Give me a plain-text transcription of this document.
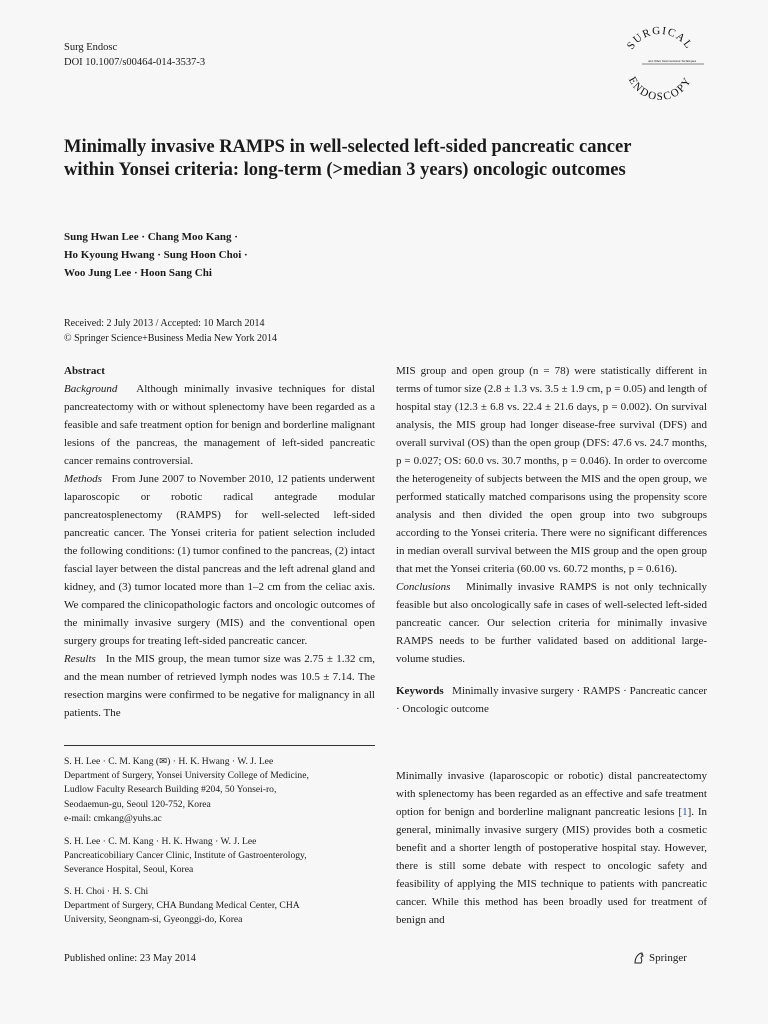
Surg Endosc
DOI 10.1007/s00464-014-3537-3
SURGICAL
ENDOSCOPY
and Other Interventional Techniques
Minimally invasive RAMPS in well-selected left-sided pancreatic cancer within Yonsei criteria: long-term (>median 3 years) oncologic outcomes
Sung Hwan Lee · Chang Moo Kang ·
Ho Kyoung Hwang · Sung Hoon Choi ·
Woo Jung Lee · Hoon Sang Chi
Received: 2 July 2013 / Accepted: 10 March 2014
© Springer Science+Business Media New York 2014

Abstract

Background Although minimally invasive techniques for distal pancreatectomy with or without splenectomy have been regarded as a feasible and safe treatment option for benign and borderline malignant lesions of the pancreas, the management of left-sided pancreatic cancer remains controversial.

Methods From June 2007 to November 2010, 12 patients underwent laparoscopic or robotic radical antegrade modular pancreatosplenectomy (RAMPS) for well-selected left-sided pancreatic cancer. The Yonsei criteria for patient selection included the following conditions: (1) tumor confined to the pancreas, (2) intact fascial layer between the distal pancreas and the left adrenal gland and kidney, and (3) tumor located more than 1–2 cm from the celiac axis. We compared the clinicopathologic factors and oncologic outcomes of the minimally invasive surgery (MIS) and the conventional open surgery groups for treating left-sided pancreatic cancer.

Results In the MIS group, the mean tumor size was 2.75 ± 1.32 cm, and the mean number of retrieved lymph nodes was 10.5 ± 7.14. The resection margins were confirmed to be negative for malignancy in all patients. The

MIS group and open group (n = 78) were statistically different in terms of tumor size (2.8 ± 1.3 vs. 3.5 ± 1.9 cm, p = 0.05) and length of hospital stay (12.3 ± 6.8 vs. 22.4 ± 21.6 days, p = 0.002). On survival analysis, the MIS group had longer disease-free survival (DFS) and overall survival (OS) than the open group (DFS: 47.6 vs. 24.7 months, p = 0.027; OS: 60.0 vs. 30.7 months, p = 0.046). In order to overcome the heterogeneity of subjects between the MIS and the open group, we performed statically matched comparisons using the propensity score analysis and then divided the open group into two subgroups according to the Yonsei criteria. There were no significant differences in median overall survival between the MIS group and the open group that met the Yonsei criteria (60.00 vs. 60.72 months, p = 0.616).

Conclusions Minimally invasive RAMPS is not only technically feasible but also oncologically safe in cases of well-selected left-sided pancreatic cancer. Our selection criteria for minimally invasive RAMPS needs to be further validated based on additional large-volume studies.

Keywords Minimally invasive surgery · RAMPS · Pancreatic cancer · Oncologic outcome

S. H. Lee · C. M. Kang (✉) · H. K. Hwang · W. J. Lee
Department of Surgery, Yonsei University College of Medicine,
Ludlow Faculty Research Building #204, 50 Yonsei-ro,
Seodaemun-gu, Seoul 120-752, Korea
e-mail: cmkang@yuhs.ac
S. H. Lee · C. M. Kang · H. K. Hwang · W. J. Lee
Pancreaticobiliary Cancer Clinic, Institute of Gastroenterology,
Severance Hospital, Seoul, Korea
S. H. Choi · H. S. Chi
Department of Surgery, CHA Bundang Medical Center, CHA
University, Seongnam-si, Gyeonggi-do, Korea
Minimally invasive (laparoscopic or robotic) distal pancreatectomy with splenectomy has been regarded as an effective and safe treatment option for benign and borderline malignant pancreatic lesions [1]. In general, minimally invasive surgery (MIS) provides both a cosmetic benefit and a shorter length of postoperative hospital stay. However, there is still some debate with respect to oncologic safety and feasibility of applying the MIS technique to patients with pancreatic cancer. While this method has been broadly used for treatment of benign and
Published online: 23 May 2014	Springer
